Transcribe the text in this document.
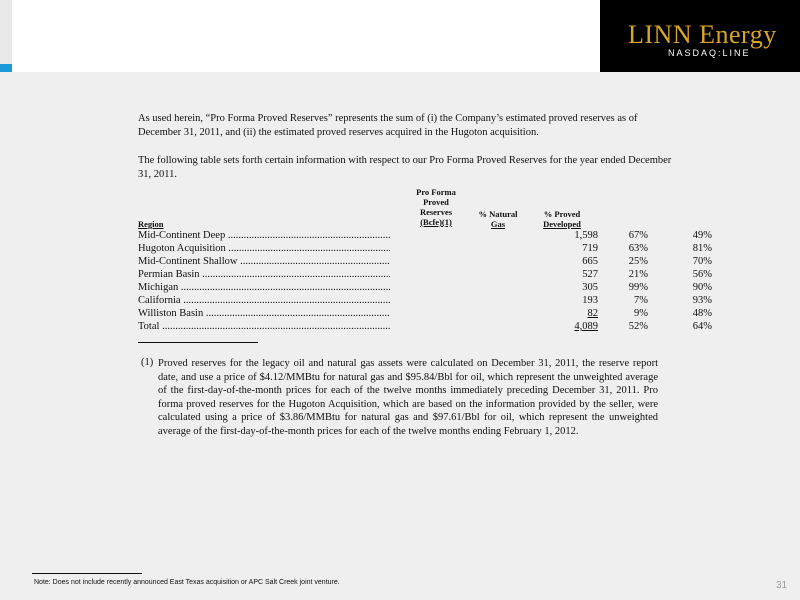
LINN Energy
NASDAQ:LINE
As used herein, “Pro Forma Proved Reserves” represents the sum of (i) the Company’s estimated proved reserves as of December 31, 2011, and (ii) the estimated proved reserves acquired in the Hugoton acquisition.
The following table sets forth certain information with respect to our Pro Forma Proved Reserves for the year ended December 31, 2011.
Region
Pro Forma
Proved
Reserves
(Bcfe)(1)
% Natural
Gas
% Proved
Developed
Mid-Continent Deep .....	1,598	67%	49%
Hugoton Acquisition .....	719	63%	81%
Mid-Continent Shallow .....	665	25%	70%
Permian Basin .....	527	21%	56%
Michigan .....	305	99%	90%
California .....	193	7%	93%
Williston Basin .....	82	9%	48%
Total .....	4,089	52%	64%
(1) Proved reserves for the legacy oil and natural gas assets were calculated on December 31, 2011, the reserve report date, and use a price of $4.12/MMBtu for natural gas and $95.84/Bbl for oil, which represent the unweighted average of the first-day-of-the-month prices for each of the twelve months immediately preceding December 31, 2011. Pro forma proved reserves for the Hugoton Acquisition, which are based on the information provided by the seller, were calculated using a price of $3.86/MMBtu for natural gas and $97.61/Bbl for oil, which represent the unweighted average of the first-day-of-the-month prices for each of the twelve months ending February 1, 2012.
Note: Does not include recently announced East Texas acquisition or APC Salt Creek joint venture.	31
